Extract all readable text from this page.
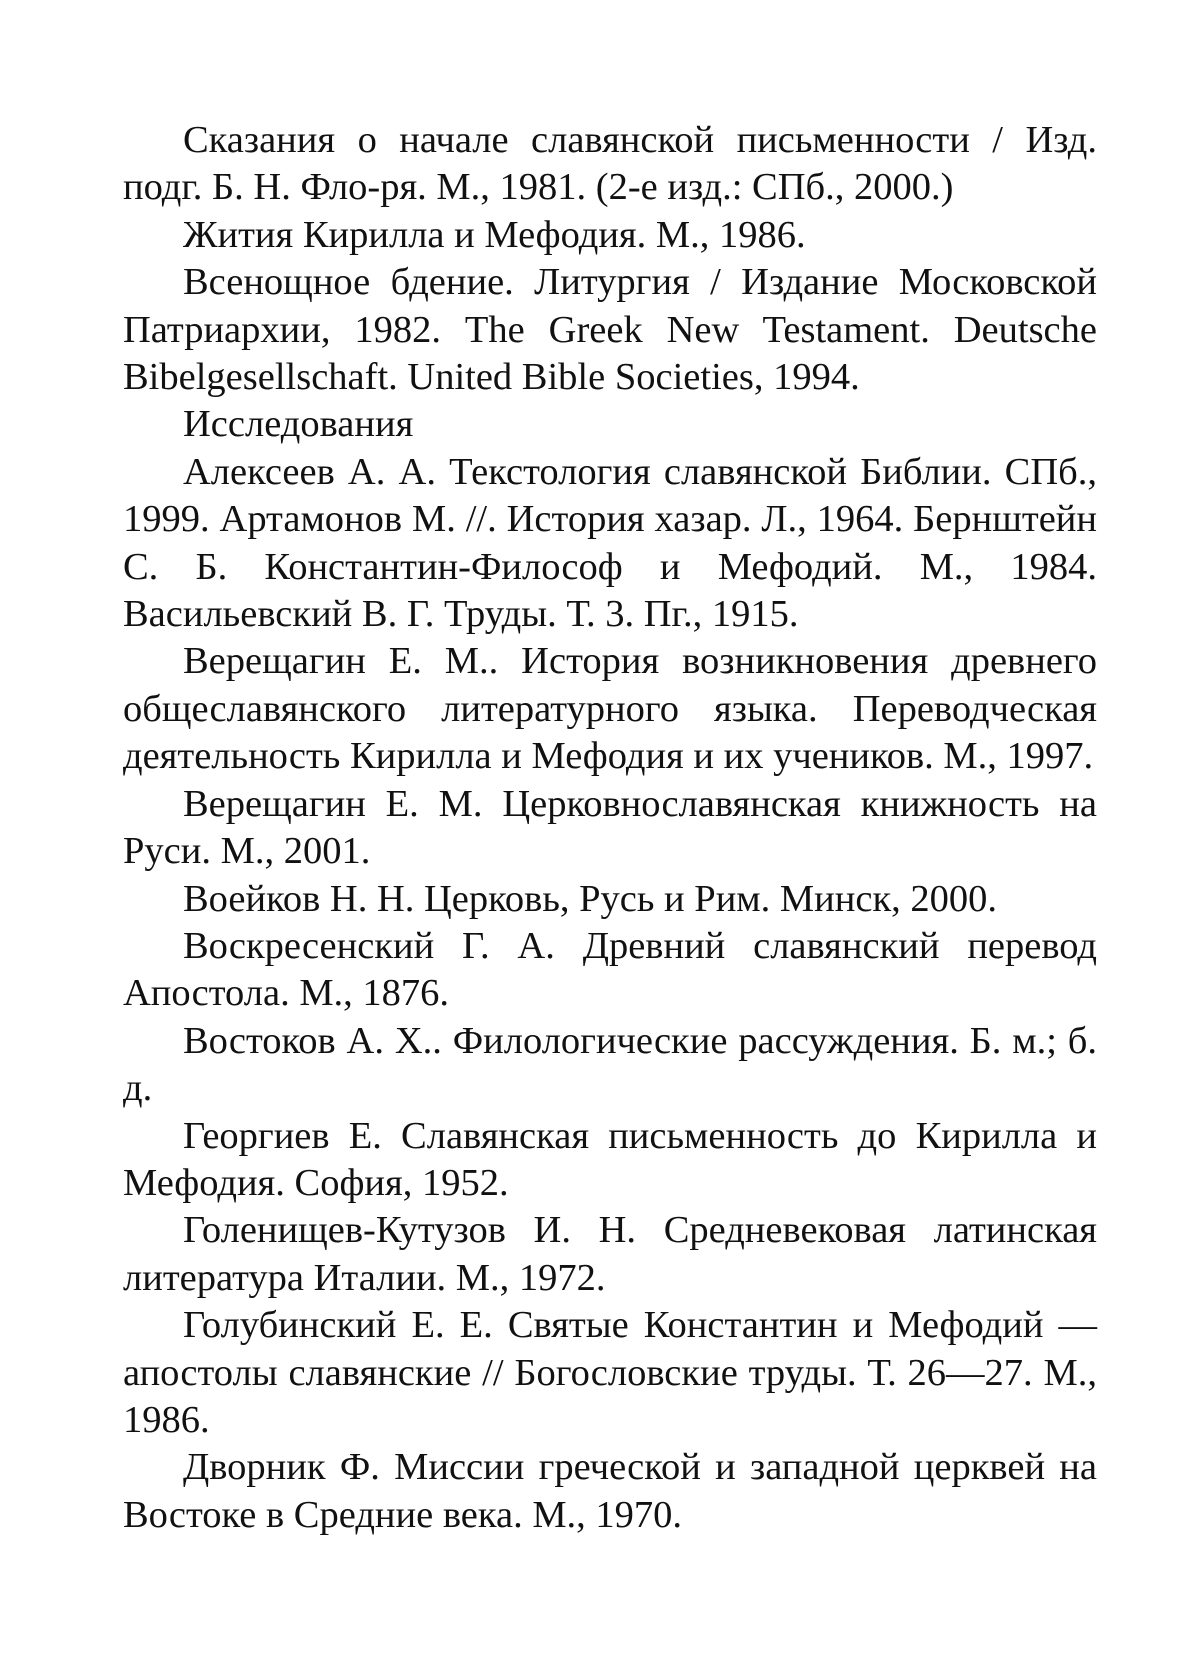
Сказания о начале славянской письменности / Изд. подг. Б. Н. Фло-ря. М., 1981. (2-е изд.: СПб., 2000.)

Жития Кирилла и Мефодия. М., 1986.

Всенощное бдение. Литургия / Издание Московской Патриархии, 1982. The Greek New Testament. Deutsche Bibelgesellschaft. United Bible Societies, 1994.

Исследования

Алексеев А. А. Текстология славянской Библии. СПб., 1999. Артамонов М. //. История хазар. Л., 1964. Бернштейн С. Б. Константин-Философ и Мефодий. М., 1984. Васильевский В. Г. Труды. Т. 3. Пг., 1915.

Верещагин Е. М.. История возникновения древнего общеславянского литературного языка. Переводческая деятельность Кирилла и Мефодия и их учеников. М., 1997.

Верещагин Е. М. Церковнославянская книжность на Руси. М., 2001.

Воейков Н. Н. Церковь, Русь и Рим. Минск, 2000.

Воскресенский Г. А. Древний славянский перевод Апостола. М., 1876.

Востоков А. Х.. Филологические рассуждения. Б. м.; б. д.

Георгиев Е. Славянская письменность до Кирилла и Мефодия. София, 1952.

Голенищев-Кутузов И. Н. Средневековая латинская литература Италии. М., 1972.

Голубинский Е. Е. Святые Константин и Мефодий — апостолы славянские // Богословские труды. Т. 26—27. М., 1986.

Дворник Ф. Миссии греческой и западной церквей на Востоке в Средние века. М., 1970.
